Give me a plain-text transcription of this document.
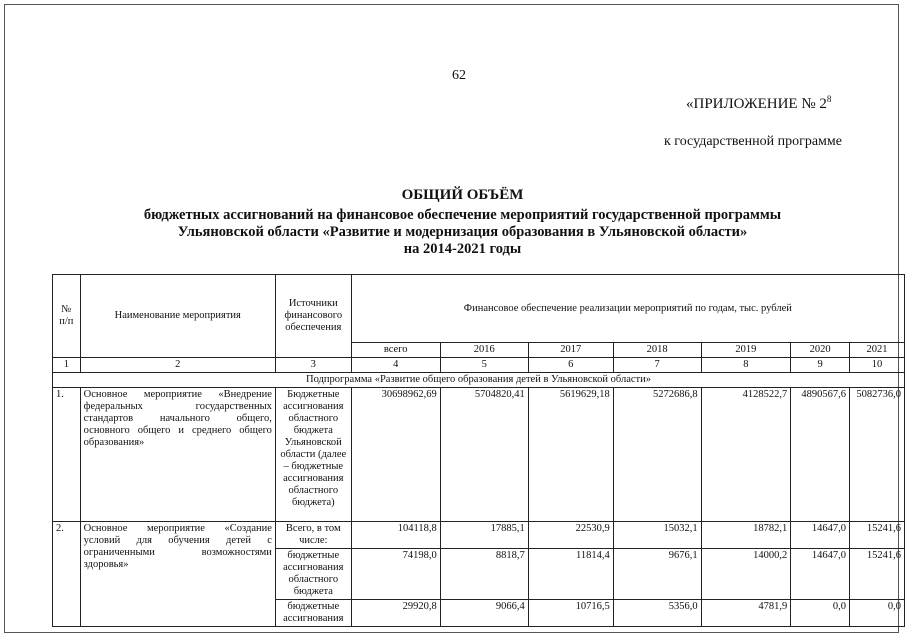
62
«ПРИЛОЖЕНИЕ № $2^8$
к государственной программе
ОБЩИЙ ОБЪЁМ
бюджетных ассигнований на финансовое обеспечение мероприятий государственной программы
Ульяновской области «Развитие и модернизация образования в Ульяновской области»
на 2014-2021 годы
№ п/п	Наименование мероприятия	Источники финансового обеспечения	Финансовое обеспечение реализации мероприятий по годам, тыс. рублей						
			всего	2016	2017	2018	2019	2020	2021
1	2	3	4	5	6	7	8	9	10
Подпрограмма «Развитие общего образования детей в Ульяновской области»									
1.	Основное мероприятие «Внедрение федеральных государственных стандартов начального общего, основного общего и среднего общего образования»	Бюджетные ассигнования областного бюджета Ульяновской области (далее – бюджетные ассигнования областного бюджета)	30698962,69	5704820,41	5619629,18	5272686,8	4128522,7	4890567,6	5082736,0
2.	Основное мероприятие «Создание условий для обучения детей с ограниченными возможностями здоровья»	Всего, в том числе:	104118,8	17885,1	22530,9	15032,1	18782,1	14647,0	15241,6
		бюджетные ассигнования областного бюджета	74198,0	8818,7	11814,4	9676,1	14000,2	14647,0	15241,6
		бюджетные ассигнования	29920,8	9066,4	10716,5	5356,0	4781,9	0,0	0,0
